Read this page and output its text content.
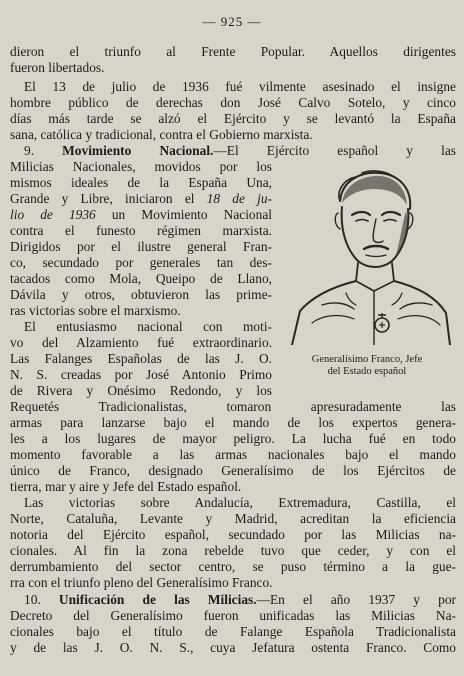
— 925 —
dieron el triunfo al Frente Popular. Aquellos dirigentes
fueron libertados.
El 13 de julio de 1936 fué vilmente asesinado el insigne
hombre público de derechas don José Calvo Sotelo, y cinco
días más tarde se alzó el Ejército y se levantó la España
sana, católica y tradicional, contra el Gobierno marxista.
9. Movimiento Nacional.—El Ejército español y las
Milicias Nacionales, movidos por los
mismos ideales de la España Una,
Grande y Libre, iniciaron el 18 de ju-
lio de 1936 un Movimiento Nacional
contra el funesto régimen marxista.
Dirigidos por el ilustre general Fran-
co, secundado por generales tan des-
tacados como Mola, Queipo de Llano,
Dávila y otros, obtuvieron las prime-
ras victorias sobre el marxismo.
El entusiasmo nacional con moti-
vo del Alzamiento fué extraordinario.
Las Falanges Españolas de las J. O.
N. S. creadas por José Antonio Primo
de Rivera y Onésimo Redondo, y los
Requetés Tradicionalistas, tomaron apresuradamente las
armas para lanzarse bajo el mando de los expertos genera-
les a los lugares de mayor peligro. La lucha fué en todo
momento favorable a las armas nacionales bajo el mando
único de Franco, designado Generalísimo de los Ejércitos de
tierra, mar y aire y Jefe del Estado español.
Las victorias sobre Andalucía, Extremadura, Castilla, el
Norte, Cataluña, Levante y Madrid, acreditan la eficiencia
notoria del Ejército español, secundado por las Milicias na-
cionales. Al fin la zona rebelde tuvo que ceder, y con el
derrumbamiento del sector centro, se puso término a la gue-
rra con el triunfo pleno del Generalísimo Franco.
10. Unificación de las Milicias.—En el año 1937 y por
Decreto del Generalísimo fueron unificadas las Milicias Na-
cionales bajo el título de Falange Española Tradicionalista
y de las J. O. N. S., cuya Jefatura ostenta Franco. Como
Generalísimo Franco, Jefe
del Estado español
